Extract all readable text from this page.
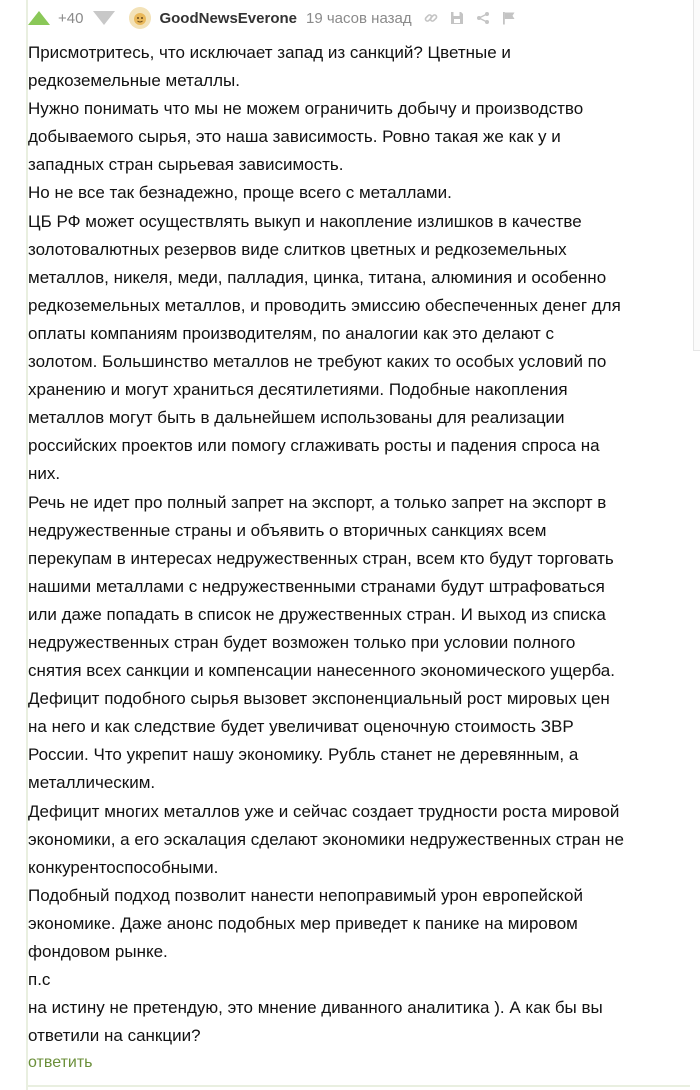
+40	GoodNewsEverone 19 часов назад

Присмотритесь, что исключает запад из санкций? Цветные и редкоземельные металлы.

Нужно понимать что мы не можем ограничить добычу и производство добываемого сырья, это наша зависимость. Ровно такая же как у и западных стран сырьевая зависимость.

Но не все так безнадежно, проще всего с металлами.

ЦБ РФ может осуществлять выкуп и накопление излишков в качестве золотовалютных резервов виде слитков цветных и редкоземельных металлов, никеля, меди, палладия, цинка, титана, алюминия и особенно редкоземельных металлов, и проводить эмиссию обеспеченных денег для оплаты компаниям производителям, по аналогии как это делают с золотом. Большинство металлов не требуют каких то особых условий по хранению и могут храниться десятилетиями. Подобные накопления металлов могут быть в дальнейшем использованы для реализации российских проектов или помогу сглаживать росты и падения спроса на них.

Речь не идет про полный запрет на экспорт, а только запрет на экспорт в недружественные страны и объявить о вторичных санкциях всем перекупам в интересах недружественных стран, всем кто будут торговать нашими металлами с недружественными странами будут штрафоваться или даже попадать в список не дружественных стран. И выход из списка недружественных стран будет возможен только при условии полного снятия всех санкции и компенсации нанесенного экономического ущерба.

Дефицит подобного сырья вызовет экспоненциальный рост мировых цен на него и как следствие будет увеличиват оценочную стоимость ЗВР России. Что укрепит нашу экономику. Рубль станет не деревянным, а металлическим.

Дефицит многих металлов уже и сейчас создает трудности роста мировой экономики, а его эскалация сделают экономики недружественных стран не конкурентоспособными.

Подобный подход позволит нанести непоправимый урон европейской экономике. Даже анонс подобных мер приведет к панике на мировом фондовом рынке.

п.с

на истину не претендую, это мнение диванного аналитика ). А как бы вы ответили на санкции?

ответить
